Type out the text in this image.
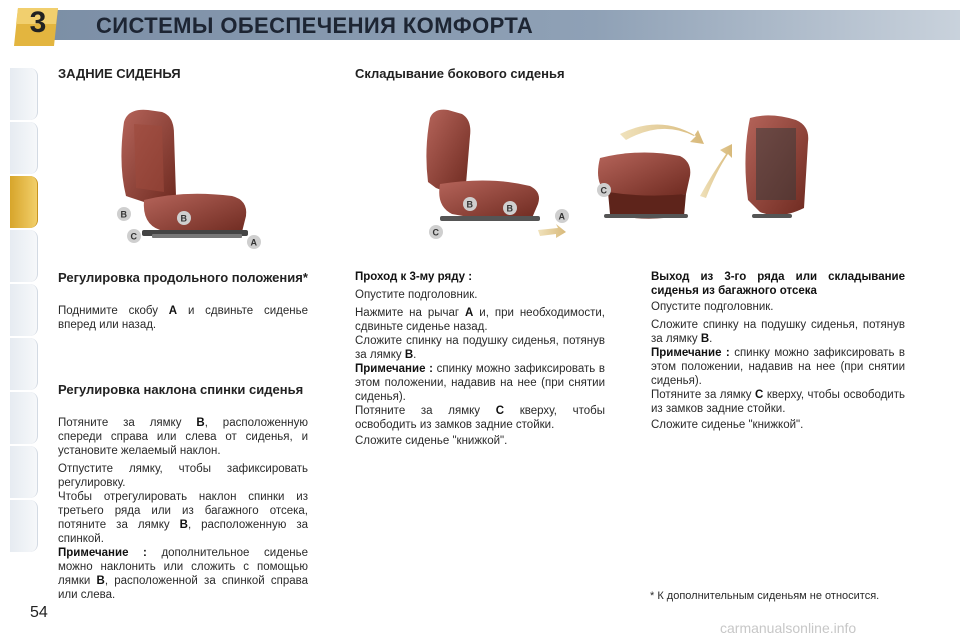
3	СИСТЕМЫ ОБЕСПЕЧЕНИЯ КОМФОРТА
ЗАДНИЕ СИДЕНЬЯ
B
C
B
A
Регулировка продольного положения*
Поднимите скобу A и сдвиньте сиденье вперед или назад.
Регулировка наклона спинки сиденья
Потяните за лямку B, расположенную спереди справа или слева от сиденья, и установите желаемый наклон.
Отпустите лямку, чтобы зафиксировать регулировку.
Чтобы отрегулировать наклон спинки из третьего ряда или из багажного отсека, потяните за лямку B, расположенную за спинкой.
Примечание : дополнительное сиденье можно наклонить или сложить с помощью лямки B, расположенной за спинкой справа или слева.
Складывание бокового сиденья
B	B
A
C
C
Проход к 3-му ряду :
Опустите подголовник.
Нажмите на рычаг A и, при необходимости, сдвиньте сиденье назад.
Сложите спинку на подушку сиденья, потянув за лямку B.
Примечание : спинку можно зафиксировать в этом положении, надавив на нее (при снятии сиденья).
Потяните за лямку C кверху, чтобы освободить из замков задние стойки.
Сложите сиденье "книжкой".
Выход из 3-го ряда или складывание сиденья из багажного отсека
Опустите подголовник.
Сложите спинку на подушку сиденья, потянув за лямку B.
Примечание : спинку можно зафиксировать в этом положении, надавив на нее (при снятии сиденья).
Потяните за лямку C кверху, чтобы освободить из замков задние стойки.
Сложите сиденье "книжкой".
* К дополнительным сиденьям не относится.
54
carmanualsonline.info
